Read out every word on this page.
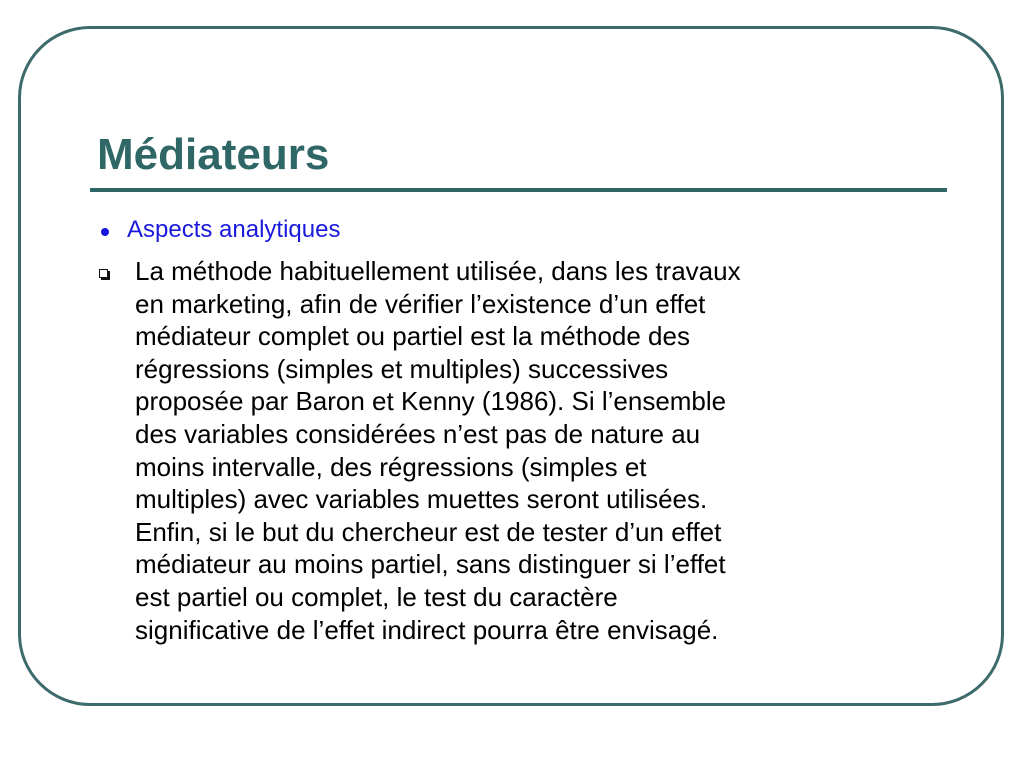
Médiateurs
Aspects analytiques
La méthode habituellement utilisée, dans les travaux
en marketing, afin de vérifier l’existence d’un effet
médiateur complet ou partiel est la méthode des
régressions (simples et multiples) successives
proposée par Baron et Kenny (1986). Si l’ensemble
des variables considérées n’est pas de nature au
moins intervalle, des régressions (simples et
multiples) avec variables muettes seront utilisées.
Enfin, si le but du chercheur est de tester d’un effet
médiateur au moins partiel, sans distinguer si l’effet
est partiel ou complet, le test du caractère
significative de l’effet indirect pourra être envisagé.
